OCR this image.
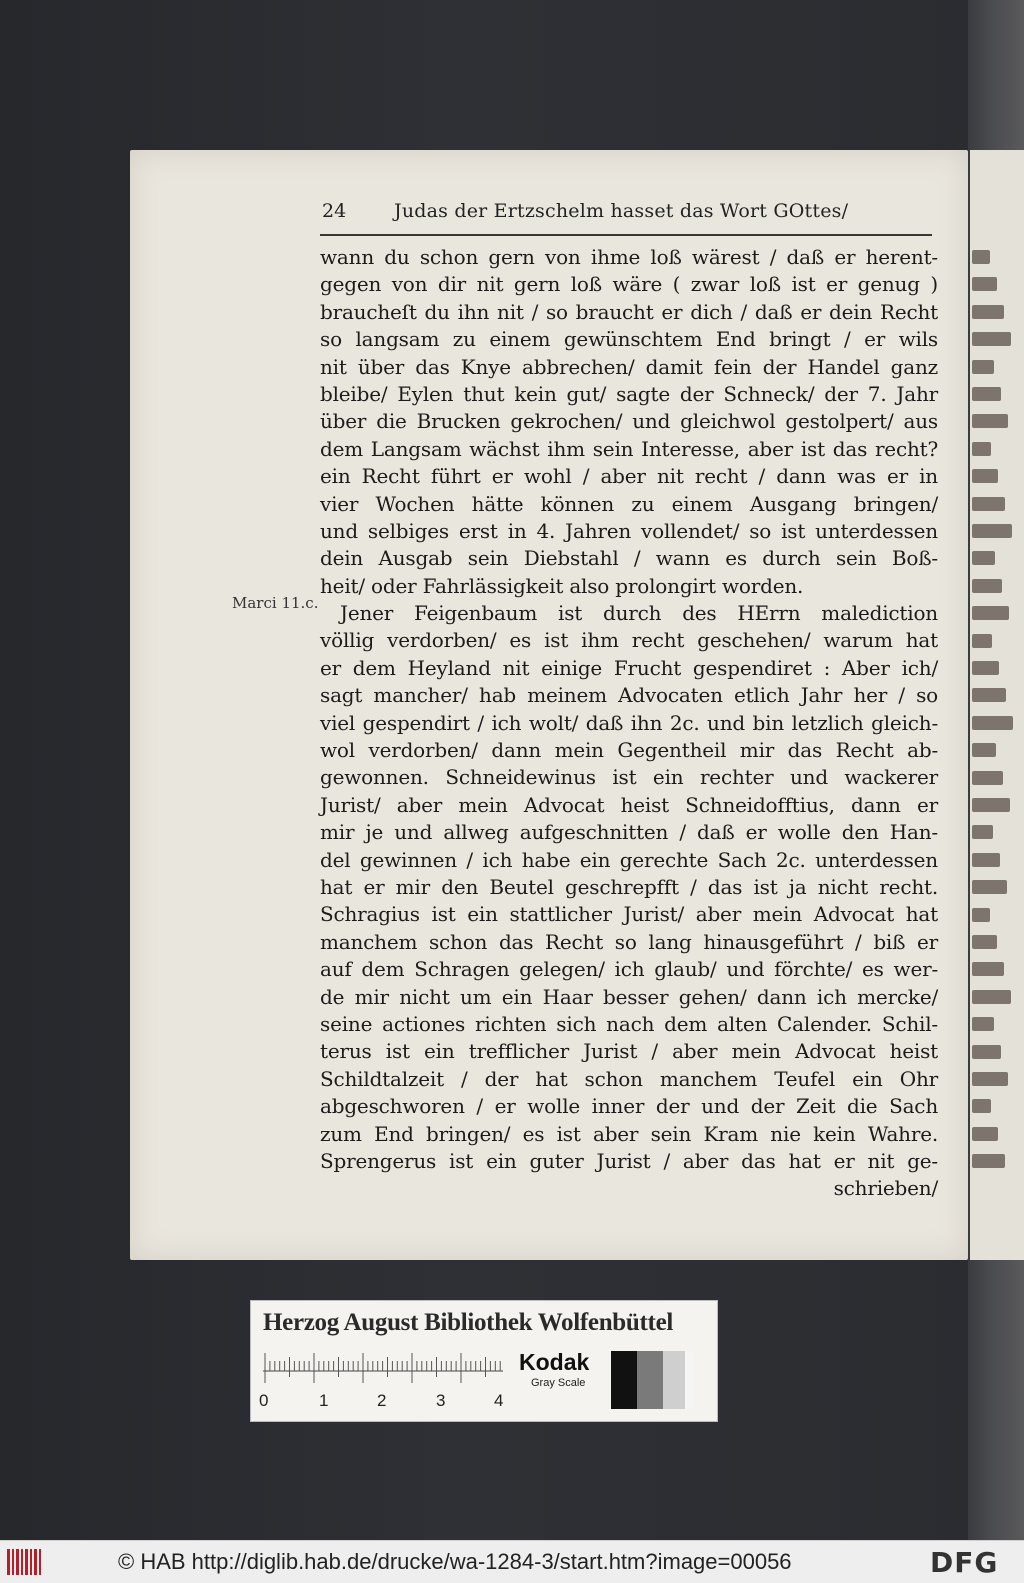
24	Judas der Ertzschelm hasset das Wort GOttes/
wann du schon gern von ihme loß wärest / daß er herent-
gegen von dir nit gern loß wäre ( zwar loß ist er genug )
braucheſt du ihn nit / so braucht er dich / daß er dein Recht
so langsam zu einem gewünschtem End bringt / er wils
nit über das Knye abbrechen/ damit fein der Handel ganz
bleibe/ Eylen thut kein gut/ sagte der Schneck/ der 7. Jahr
über die Brucken gekrochen/ und gleichwol gestolpert/ aus
dem Langsam wächst ihm sein Interesse, aber ist das recht?
ein Recht führt er wohl / aber nit recht / dann was er in
vier Wochen hätte können zu einem Ausgang bringen/
und selbiges erst in 4. Jahren vollendet/ so ist unterdessen
dein Ausgab sein Diebstahl / wann es durch sein Boß-
heit/ oder Fahrlässigkeit also prolongirt worden.
Jener Feigenbaum ist durch des HErrn malediction
völlig verdorben/ es ist ihm recht geschehen/ warum hat
er dem Heyland nit einige Frucht gespendiret : Aber ich/
sagt mancher/ hab meinem Advocaten etlich Jahr her / so
viel gespendirt / ich wolt/ daß ihn 2c. und bin letzlich gleich-
wol verdorben/ dann mein Gegentheil mir das Recht ab-
gewonnen. Schneidewinus ist ein rechter und wackerer
Jurist/ aber mein Advocat heist Schneidofftius, dann er
mir je und allweg aufgeschnitten / daß er wolle den Han-
del gewinnen / ich habe ein gerechte Sach 2c. unterdessen
hat er mir den Beutel geschrepfft / das ist ja nicht recht.
Schragius ist ein stattlicher Jurist/ aber mein Advocat hat
manchem schon das Recht so lang hinausgeführt / biß er
auf dem Schragen gelegen/ ich glaub/ und förchte/ es wer-
de mir nicht um ein Haar besser gehen/ dann ich mercke/
seine actiones richten sich nach dem alten Calender. Schil-
terus ist ein trefflicher Jurist / aber mein Advocat heist
Schildtalzeit / der hat schon manchem Teufel ein Ohr
abgeschworen / er wolle inner der und der Zeit die Sach
zum End bringen/ es ist aber sein Kram nie kein Wahre.
Sprengerus ist ein guter Jurist / aber das hat er nit ge-
schrieben/
Marci 11.c.
Herzog August Bibliothek Wolfenbüttel
0	1	2	3	4
Kodak
Gray Scale
© HAB http://diglib.hab.de/drucke/wa-1284-3/start.htm?image=00056	DFG
